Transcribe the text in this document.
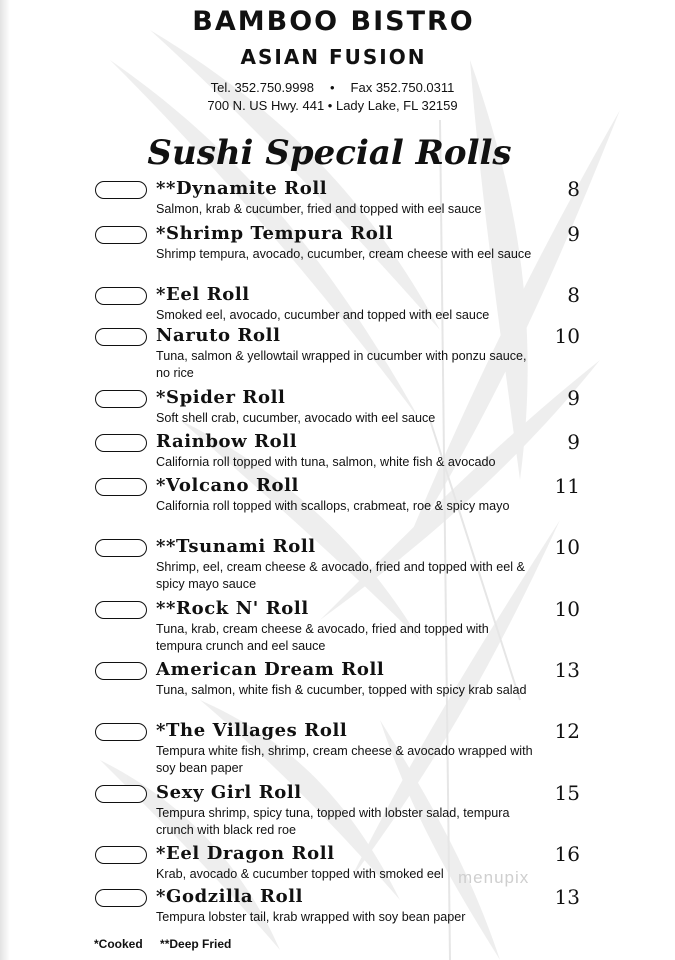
BAMBOO BISTRO
ASIAN FUSION
Tel. 352.750.9998 • Fax 352.750.0311
700 N. US Hwy. 441 • Lady Lake, FL 32159
Sushi Special Rolls
**Dynamite Roll	8
Salmon, krab & cucumber, fried and topped with eel sauce
*Shrimp Tempura Roll	9
Shrimp tempura, avocado, cucumber, cream cheese with eel sauce
*Eel Roll	8
Smoked eel, avocado, cucumber and topped with eel sauce
Naruto Roll	10
Tuna, salmon & yellowtail wrapped in cucumber with ponzu sauce, no rice
*Spider Roll	9
Soft shell crab, cucumber, avocado with eel sauce
Rainbow Roll	9
California roll topped with tuna, salmon, white fish & avocado
*Volcano Roll	11
California roll topped with scallops, crabmeat, roe & spicy mayo
**Tsunami Roll	10
Shrimp, eel, cream cheese & avocado, fried and topped with eel & spicy mayo sauce
**Rock N' Roll	10
Tuna, krab, cream cheese & avocado, fried and topped with tempura crunch and eel sauce
American Dream Roll	13
Tuna, salmon, white fish & cucumber, topped with spicy krab salad
*The Villages Roll	12
Tempura white fish, shrimp, cream cheese & avocado wrapped with soy bean paper
Sexy Girl Roll	15
Tempura shrimp, spicy tuna, topped with lobster salad, tempura crunch with black red roe
*Eel Dragon Roll	16
Krab, avocado & cucumber topped with smoked eel
*Godzilla Roll	13
Tempura lobster tail, krab wrapped with soy bean paper
menupix
*Cooked **Deep Fried
